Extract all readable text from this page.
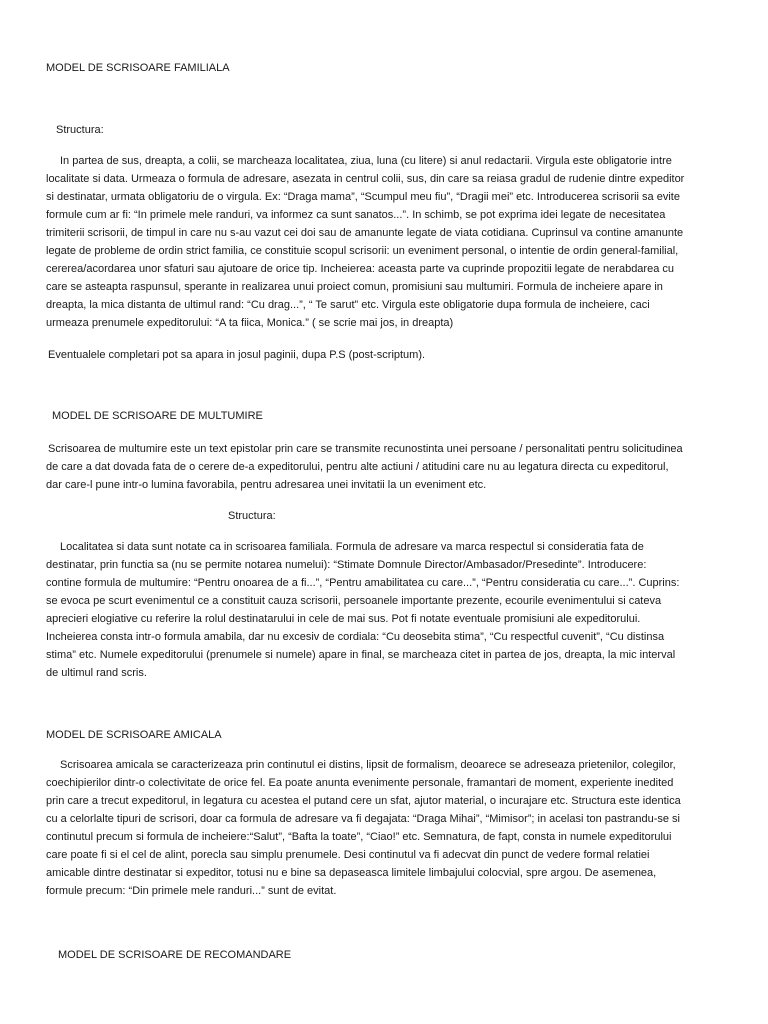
MODEL DE SCRISOARE FAMILIALA

Structura:

In partea de sus, dreapta, a colii, se marcheaza localitatea, ziua, luna (cu litere) si anul redactarii. Virgula este obligatorie intre
localitate si data. Urmeaza o formula de adresare, asezata in centrul colii, sus, din care sa reiasa gradul de rudenie dintre expeditor
si destinatar, urmata obligatoriu de o virgula. Ex: “Draga mama”, “Scumpul meu fiu”, “Dragii mei” etc. Introducerea scrisorii sa evite
formule cum ar fi: “In primele mele randuri, va informez ca sunt sanatos...”. In schimb, se pot exprima idei legate de necesitatea
trimiterii scrisorii, de timpul in care nu s-au vazut cei doi sau de amanunte legate de viata cotidiana. Cuprinsul va contine amanunte
legate de probleme de ordin strict familia, ce constituie scopul scrisorii: un eveniment personal, o intentie de ordin general-familial,
cererea/acordarea unor sfaturi sau ajutoare de orice tip. Incheierea: aceasta parte va cuprinde propozitii legate de nerabdarea cu
care se asteapta raspunsul, sperante in realizarea unui proiect comun, promisiuni sau multumiri. Formula de incheiere apare in
dreapta, la mica distanta de ultimul rand: “Cu drag...”, “ Te sarut” etc. Virgula este obligatorie dupa formula de incheiere, caci
urmeaza prenumele expeditorului: “A ta fiica, Monica.” ( se scrie mai jos, in dreapta)

Eventualele completari pot sa apara in josul paginii, dupa P.S (post-scriptum).

MODEL DE SCRISOARE DE MULTUMIRE

Scrisoarea de multumire este un text epistolar prin care se transmite recunostinta unei persoane / personalitati pentru solicitudinea
de care a dat dovada fata de o cerere de-a expeditorului, pentru alte actiuni / atitudini care nu au legatura directa cu expeditorul,
dar care-l pune intr-o lumina favorabila, pentru adresarea unei invitatii la un eveniment etc.

Structura:

Localitatea si data sunt notate ca in scrisoarea familiala. Formula de adresare va marca respectul si consideratia fata de
destinatar, prin functia sa (nu se permite notarea numelui): “Stimate Domnule Director/Ambasador/Presedinte”. Introducere:
contine formula de multumire: “Pentru onoarea de a fi...”, “Pentru amabilitatea cu care...”, “Pentru consideratia cu care...”. Cuprins:
se evoca pe scurt evenimentul ce a constituit cauza scrisorii, persoanele importante prezente, ecourile evenimentului si cateva
aprecieri elogiative cu referire la rolul destinatarului in cele de mai sus. Pot fi notate eventuale promisiuni ale expeditorului.
Incheierea consta intr-o formula amabila, dar nu excesiv de cordiala: “Cu deosebita stima”, “Cu respectful cuvenit”, “Cu distinsa
stima” etc. Numele expeditorului (prenumele si numele) apare in final, se marcheaza citet in partea de jos, dreapta, la mic interval
de ultimul rand scris.

MODEL DE SCRISOARE AMICALA

Scrisoarea amicala se caracterizeaza prin continutul ei distins, lipsit de formalism, deoarece se adreseaza prietenilor, colegilor,
coechipierilor dintr-o colectivitate de orice fel. Ea poate anunta evenimente personale, framantari de moment, experiente inedited
prin care a trecut expeditorul, in legatura cu acestea el putand cere un sfat, ajutor material, o incurajare etc. Structura este identica
cu a celorlalte tipuri de scrisori, doar ca formula de adresare va fi degajata: “Draga Mihai”, “Mimisor”; in acelasi ton pastrandu-se si
continutul precum si formula de incheiere:“Salut”, “Bafta la toate”, “Ciao!” etc. Semnatura, de fapt, consta in numele expeditorului
care poate fi si el cel de alint, porecla sau simplu prenumele. Desi continutul va fi adecvat din punct de vedere formal relatiei
amicable dintre destinatar si expeditor, totusi nu e bine sa depaseasca limitele limbajului colocvial, spre argou. De asemenea,
formule precum: “Din primele mele randuri...” sunt de evitat.

MODEL DE SCRISOARE DE RECOMANDARE
